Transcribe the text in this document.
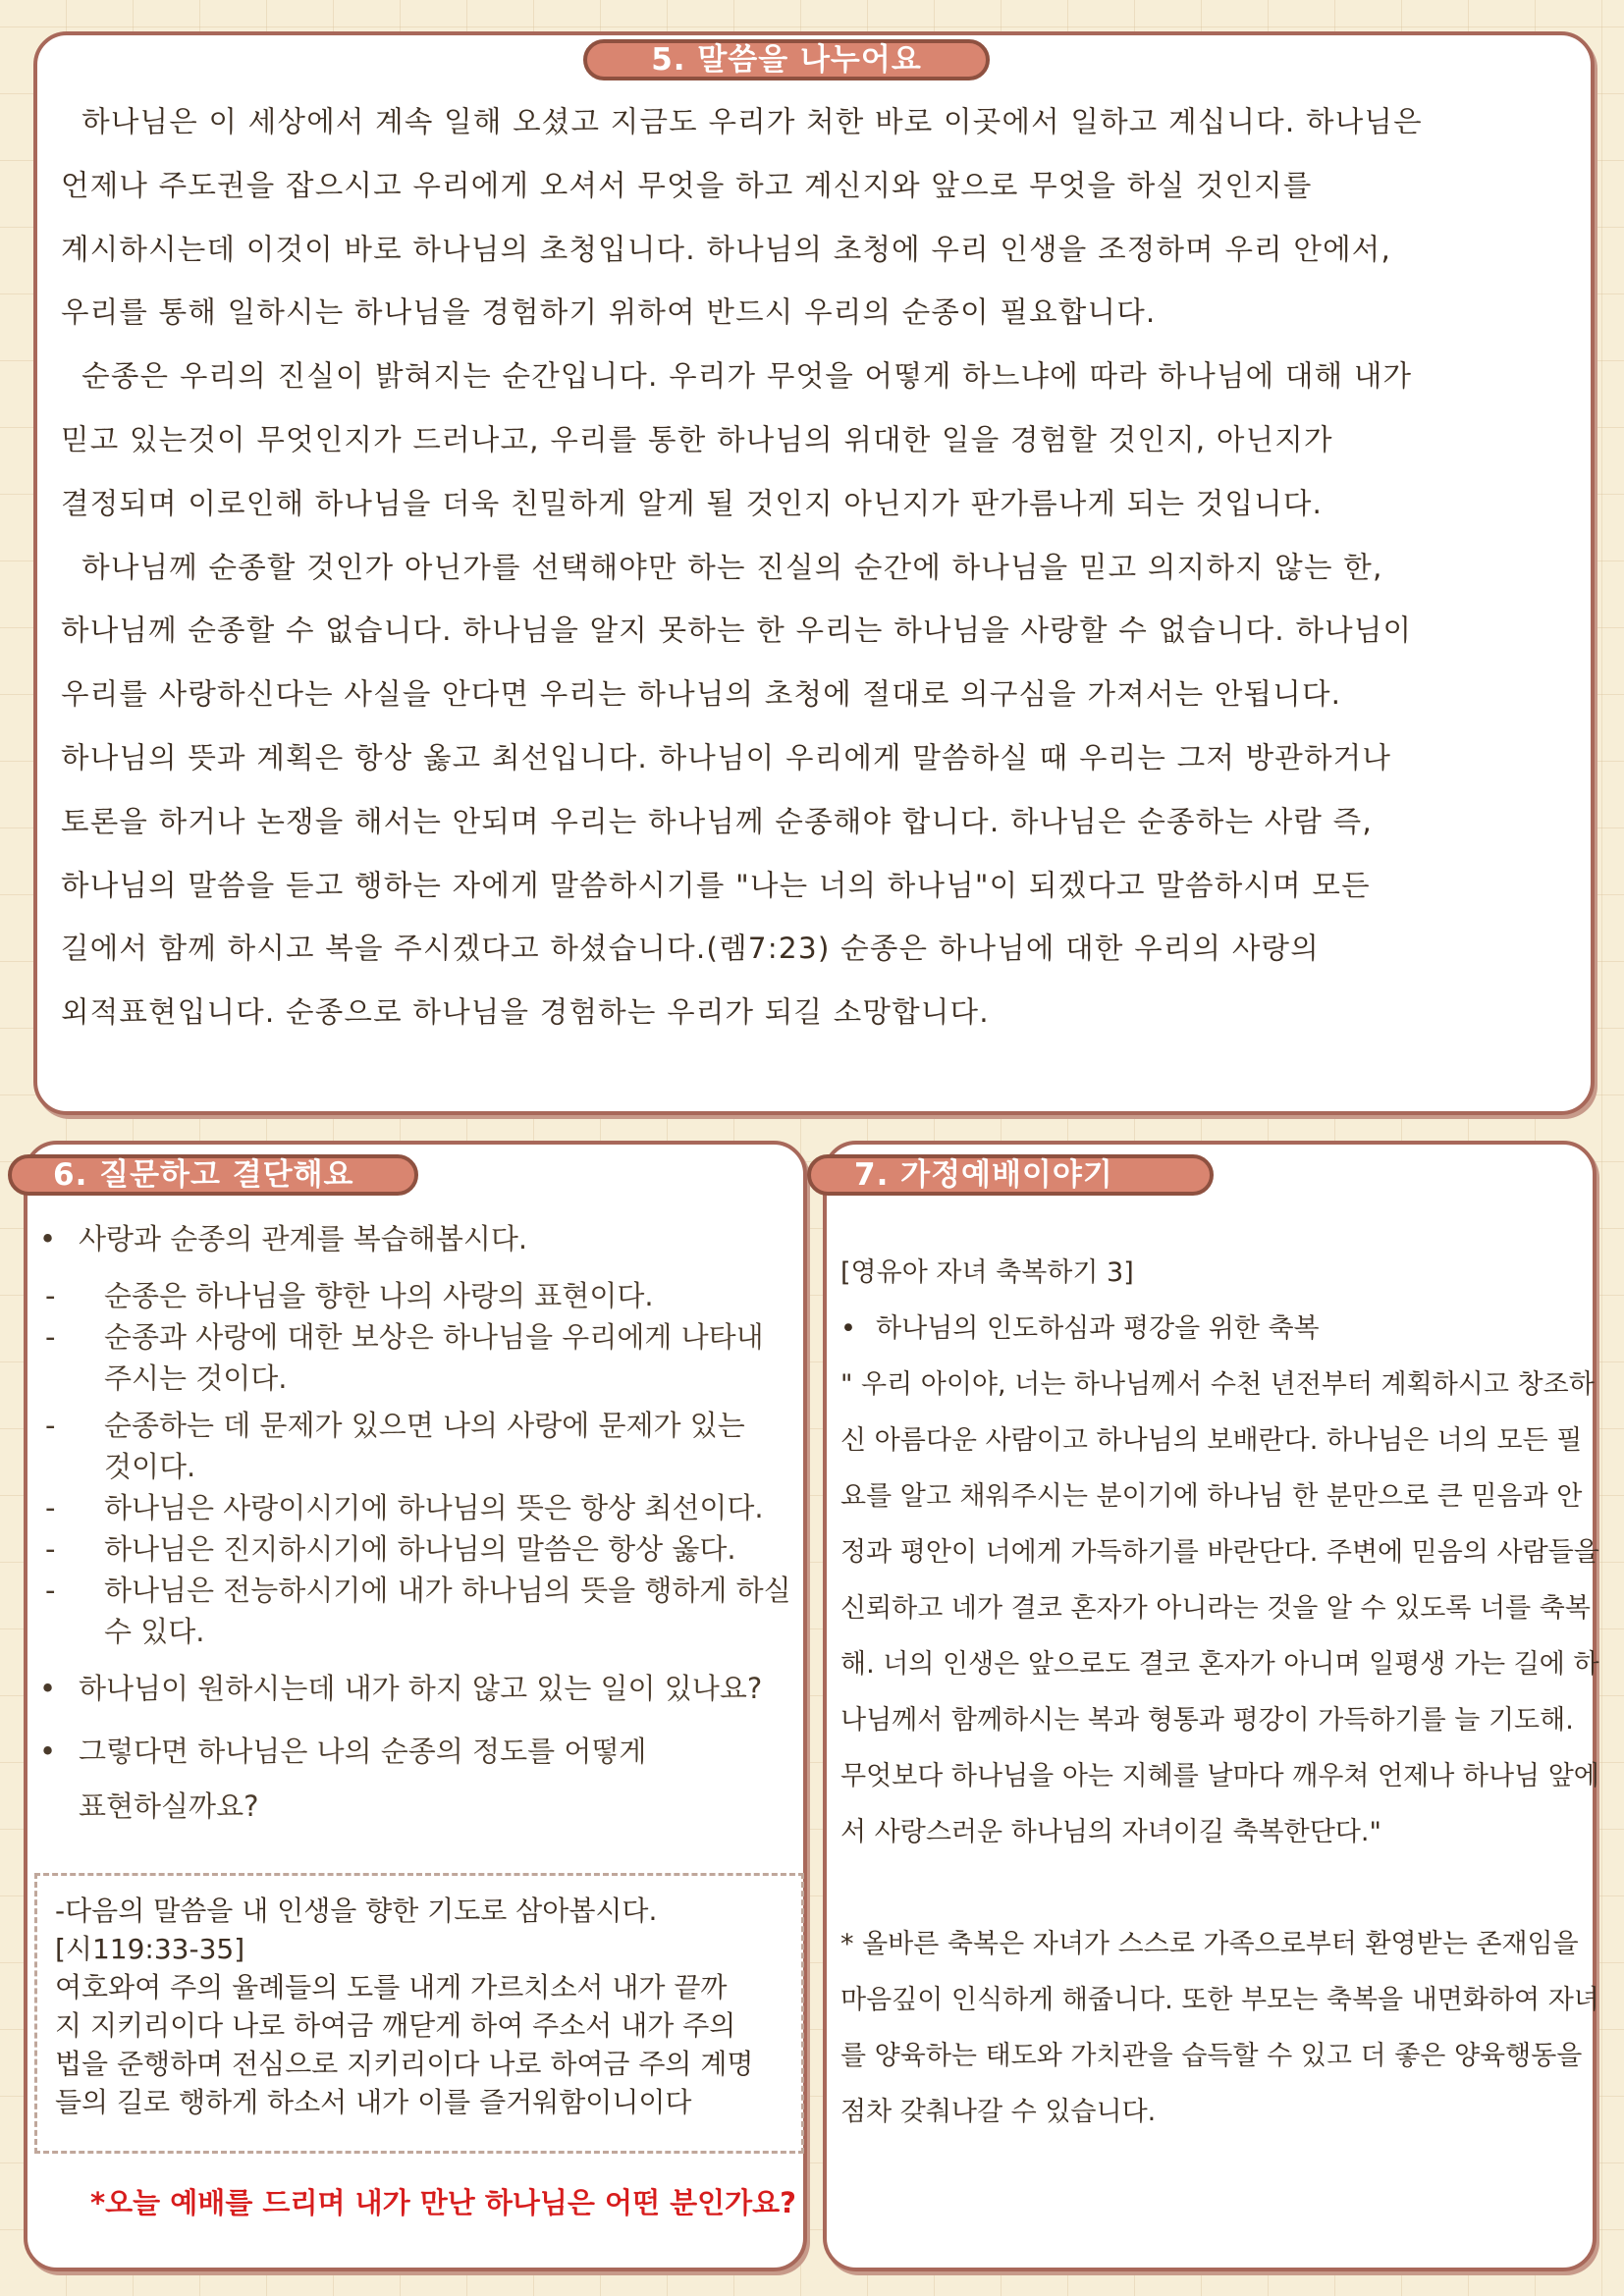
5. 말씀을 나누어요

하나님은 이 세상에서 계속 일해 오셨고 지금도 우리가 처한 바로 이곳에서 일하고 계십니다. 하나님은

언제나 주도권을 잡으시고 우리에게 오셔서 무엇을 하고 계신지와 앞으로 무엇을 하실 것인지를

계시하시는데 이것이 바로 하나님의 초청입니다. 하나님의 초청에 우리 인생을 조정하며 우리 안에서,

우리를 통해 일하시는 하나님을 경험하기 위하여 반드시 우리의 순종이 필요합니다.

순종은 우리의 진실이 밝혀지는 순간입니다. 우리가 무엇을 어떻게 하느냐에 따라 하나님에 대해 내가

믿고 있는것이 무엇인지가 드러나고, 우리를 통한 하나님의 위대한 일을 경험할 것인지, 아닌지가

결정되며 이로인해 하나님을 더욱 친밀하게 알게 될 것인지 아닌지가 판가름나게 되는 것입니다.

하나님께 순종할 것인가 아닌가를 선택해야만 하는 진실의 순간에 하나님을 믿고 의지하지 않는 한,

하나님께 순종할 수 없습니다. 하나님을 알지 못하는 한 우리는 하나님을 사랑할 수 없습니다. 하나님이

우리를 사랑하신다는 사실을 안다면 우리는 하나님의 초청에 절대로 의구심을 가져서는 안됩니다.

하나님의 뜻과 계획은 항상 옳고 최선입니다. 하나님이 우리에게 말씀하실 때 우리는 그저 방관하거나

토론을 하거나 논쟁을 해서는 안되며 우리는 하나님께 순종해야 합니다. 하나님은 순종하는 사람 즉,

하나님의 말씀을 듣고 행하는 자에게 말씀하시기를 "나는 너의 하나님"이 되겠다고 말씀하시며 모든

길에서 함께 하시고 복을 주시겠다고 하셨습니다.(렘7:23) 순종은 하나님에 대한 우리의 사랑의

외적표현입니다. 순종으로 하나님을 경험하는 우리가 되길 소망합니다.

6. 질문하고 결단해요
• 사랑과 순종의 관계를 복습해봅시다.
- 순종은 하나님을 향한 나의 사랑의 표현이다.
- 순종과 사랑에 대한 보상은 하나님을 우리에게 나타내
주시는 것이다.
- 순종하는 데 문제가 있으면 나의 사랑에 문제가 있는
것이다.
- 하나님은 사랑이시기에 하나님의 뜻은 항상 최선이다.
- 하나님은 진지하시기에 하나님의 말씀은 항상 옳다.
- 하나님은 전능하시기에 내가 하나님의 뜻을 행하게 하실
수 있다.
• 하나님이 원하시는데 내가 하지 않고 있는 일이 있나요?
• 그렇다면 하나님은 나의 순종의 정도를 어떻게
표현하실까요?
-다음의 말씀을 내 인생을 향한 기도로 삼아봅시다.
[시119:33-35]
여호와여 주의 율례들의 도를 내게 가르치소서 내가 끝까
지 지키리이다 나로 하여금 깨닫게 하여 주소서 내가 주의
법을 준행하며 전심으로 지키리이다 나로 하여금 주의 계명
들의 길로 행하게 하소서 내가 이를 즐거워함이니이다
*오늘 예배를 드리며 내가 만난 하나님은 어떤 분인가요?
7. 가정예배이야기
[영유아 자녀 축복하기 3]
• 하나님의 인도하심과 평강을 위한 축복
" 우리 아이야, 너는 하나님께서 수천 년전부터 계획하시고 창조하
신 아름다운 사람이고 하나님의 보배란다. 하나님은 너의 모든 필
요를 알고 채워주시는 분이기에 하나님 한 분만으로 큰 믿음과 안
정과 평안이 너에게 가득하기를 바란단다. 주변에 믿음의 사람들을
신뢰하고 네가 결코 혼자가 아니라는 것을 알 수 있도록 너를 축복
해. 너의 인생은 앞으로도 결코 혼자가 아니며 일평생 가는 길에 하
나님께서 함께하시는 복과 형통과 평강이 가득하기를 늘 기도해.
무엇보다 하나님을 아는 지혜를 날마다 깨우쳐 언제나 하나님 앞에
서 사랑스러운 하나님의 자녀이길 축복한단다."
* 올바른 축복은 자녀가 스스로 가족으로부터 환영받는 존재임을
마음깊이 인식하게 해줍니다. 또한 부모는 축복을 내면화하여 자녀
를 양육하는 태도와 가치관을 습득할 수 있고 더 좋은 양육행동을
점차 갖춰나갈 수 있습니다.
